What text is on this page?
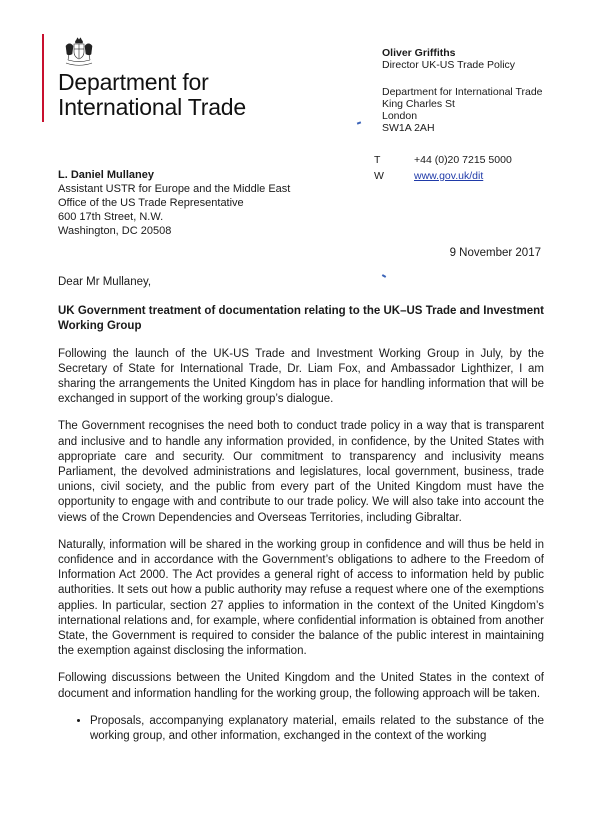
Department for
International Trade
Oliver Griffiths
Director UK-US Trade Policy
Department for International Trade
King Charles St
London
SW1A 2AH
T	+44 (0)20 7215 5000
W	www.gov.uk/dit
L. Daniel Mullaney
Assistant USTR for Europe and the Middle East
Office of the US Trade Representative
600 17th Street, N.W.
Washington, DC 20508
9 November 2017

Dear Mr Mullaney,

UK Government treatment of documentation relating to the UK–US Trade and Investment Working Group

Following the launch of the UK-US Trade and Investment Working Group in July, by the Secretary of State for International Trade, Dr. Liam Fox, and Ambassador Lighthizer, I am sharing the arrangements the United Kingdom has in place for handling information that will be exchanged in support of the working group’s dialogue.

The Government recognises the need both to conduct trade policy in a way that is transparent and inclusive and to handle any information provided, in confidence, by the United States with appropriate care and security. Our commitment to transparency and inclusivity means Parliament, the devolved administrations and legislatures, local government, business, trade unions, civil society, and the public from every part of the United Kingdom must have the opportunity to engage with and contribute to our trade policy. We will also take into account the views of the Crown Dependencies and Overseas Territories, including Gibraltar.

Naturally, information will be shared in the working group in confidence and will thus be held in confidence and in accordance with the Government’s obligations to adhere to the Freedom of Information Act 2000. The Act provides a general right of access to information held by public authorities. It sets out how a public authority may refuse a request where one of the exemptions applies. In particular, section 27 applies to information in the context of the United Kingdom’s international relations and, for example, where confidential information is obtained from another State, the Government is required to consider the balance of the public interest in maintaining the exemption against disclosing the information.

Following discussions between the United Kingdom and the United States in the context of document and information handling for the working group, the following approach will be taken.

• Proposals, accompanying explanatory material, emails related to the substance of the working group, and other information, exchanged in the context of the working
